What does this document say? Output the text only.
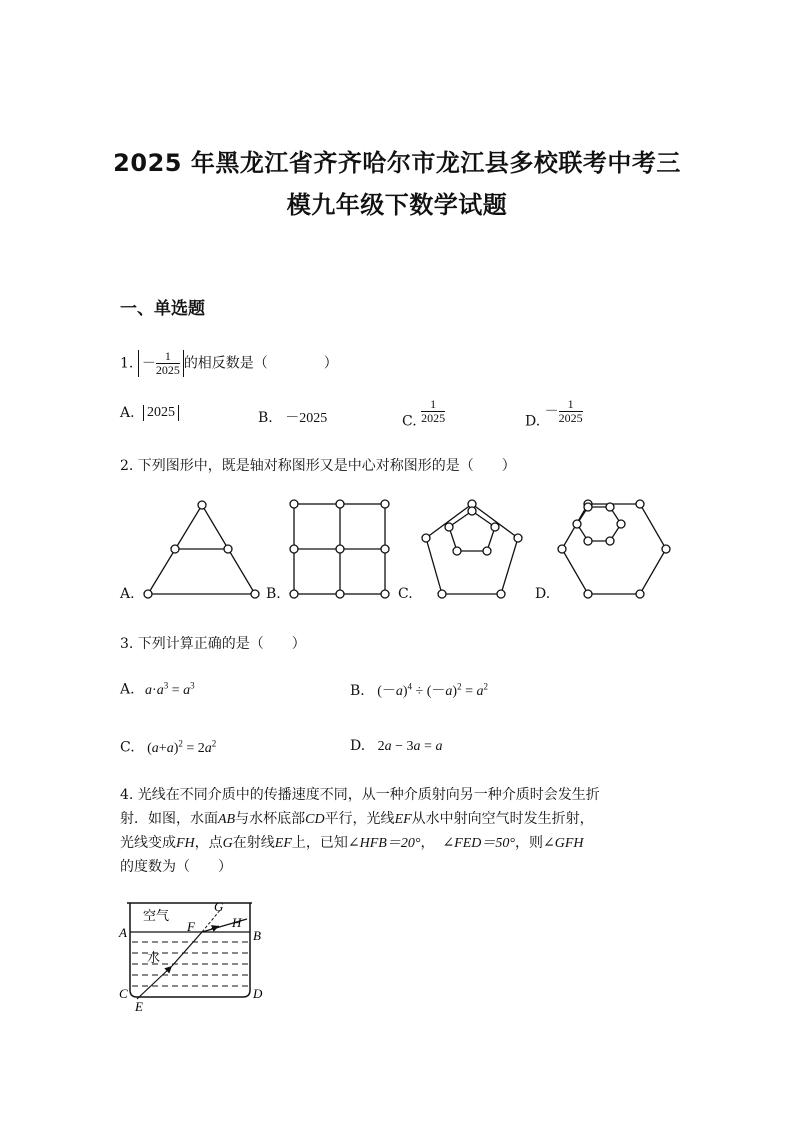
2025 年黑龙江省齐齐哈尔市龙江县多校联考中考三
模九年级下数学试题
一、单选题
1. － $\frac{1}{2025}$ 的相反数是（　　　　）
A. 2025	B. －2025	C. $\frac{1}{2025}$	D. － $\frac{1}{2025}$
2. 下列图形中，既是轴对称图形又是中心对称图形的是（　　）
A.	B.	C.	D.
3. 下列计算正确的是（　　）
A. $a\cdot a^3 = a^3$	B. $(-a)^4 \div (-a)^2 = a^2$
C. $(a+a)^2 = 2a^2$	D. 2a − 3a = a
4. 光线在不同介质中的传播速度不同，从一种介质射向另一种介质时会发生折
射．如图，水面AB与水杯底部CD平行，光线EF从水中射向空气时发生折射，
光线变成FH，点G在射线EF上，已知∠HFB＝20°， ∠FED＝50°，则∠GFH
的度数为（　　）
空气
水
A	B
C	D
E
F
G
H
